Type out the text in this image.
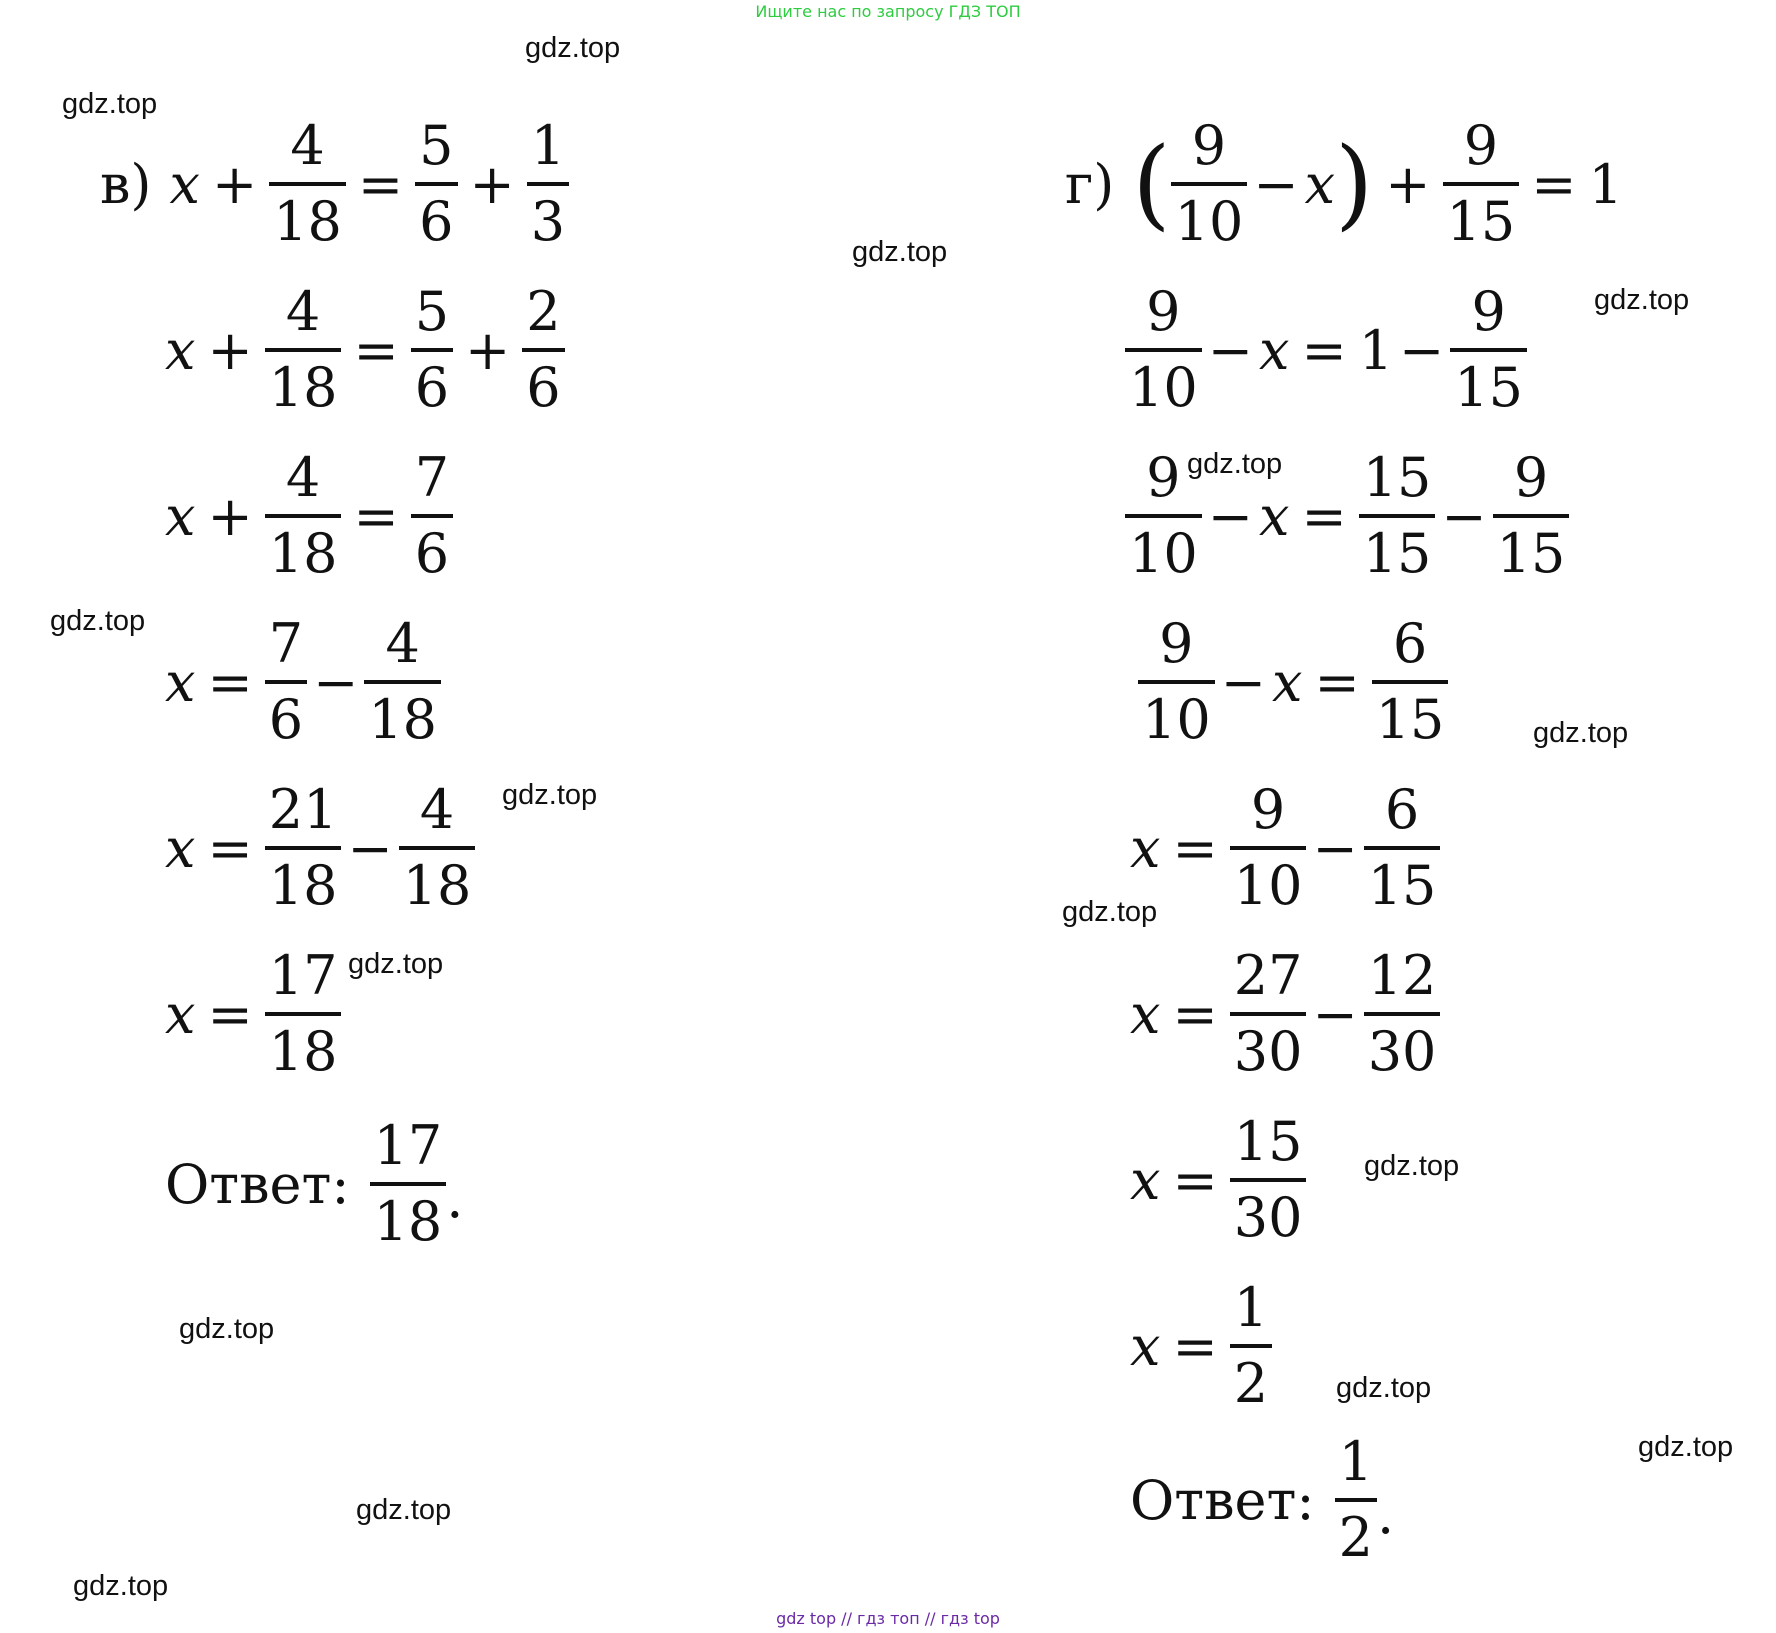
Ищите нас по запросу ГДЗ ТОП
gdz.top
gdz.top
gdz.top
gdz.top
gdz.top
gdz.top
gdz.top
gdz.top
gdz.top
gdz.top
gdz.top
gdz.top
gdz.top
gdz.top
gdz.top
gdz.top
в) $x + \frac{4}{18} = \frac{5}{6} + \frac{1}{3}$
$x + \frac{4}{18} = \frac{5}{6} + \frac{2}{6}$
$x + \frac{4}{18} = \frac{7}{6}$
$x = \frac{7}{6} - \frac{4}{18}$
$x = \frac{21}{18} - \frac{4}{18}$
$x = \frac{17}{18}$
Ответ: $\frac{17}{18}$ .
г) ( $\frac{9}{10} - x$ ) + $\frac{9}{15} = 1$
$\frac{9}{10} - x = 1 - \frac{9}{15}$
$\frac{9}{10} - x = \frac{15}{15} - \frac{9}{15}$
$\frac{9}{10} - x = \frac{6}{15}$
$x = \frac{9}{10} - \frac{6}{15}$
$x = \frac{27}{30} - \frac{12}{30}$
$x = \frac{15}{30}$
$x = \frac{1}{2}$
Ответ: $\frac{1}{2}$ .
gdz top // гдз топ // гдз top
